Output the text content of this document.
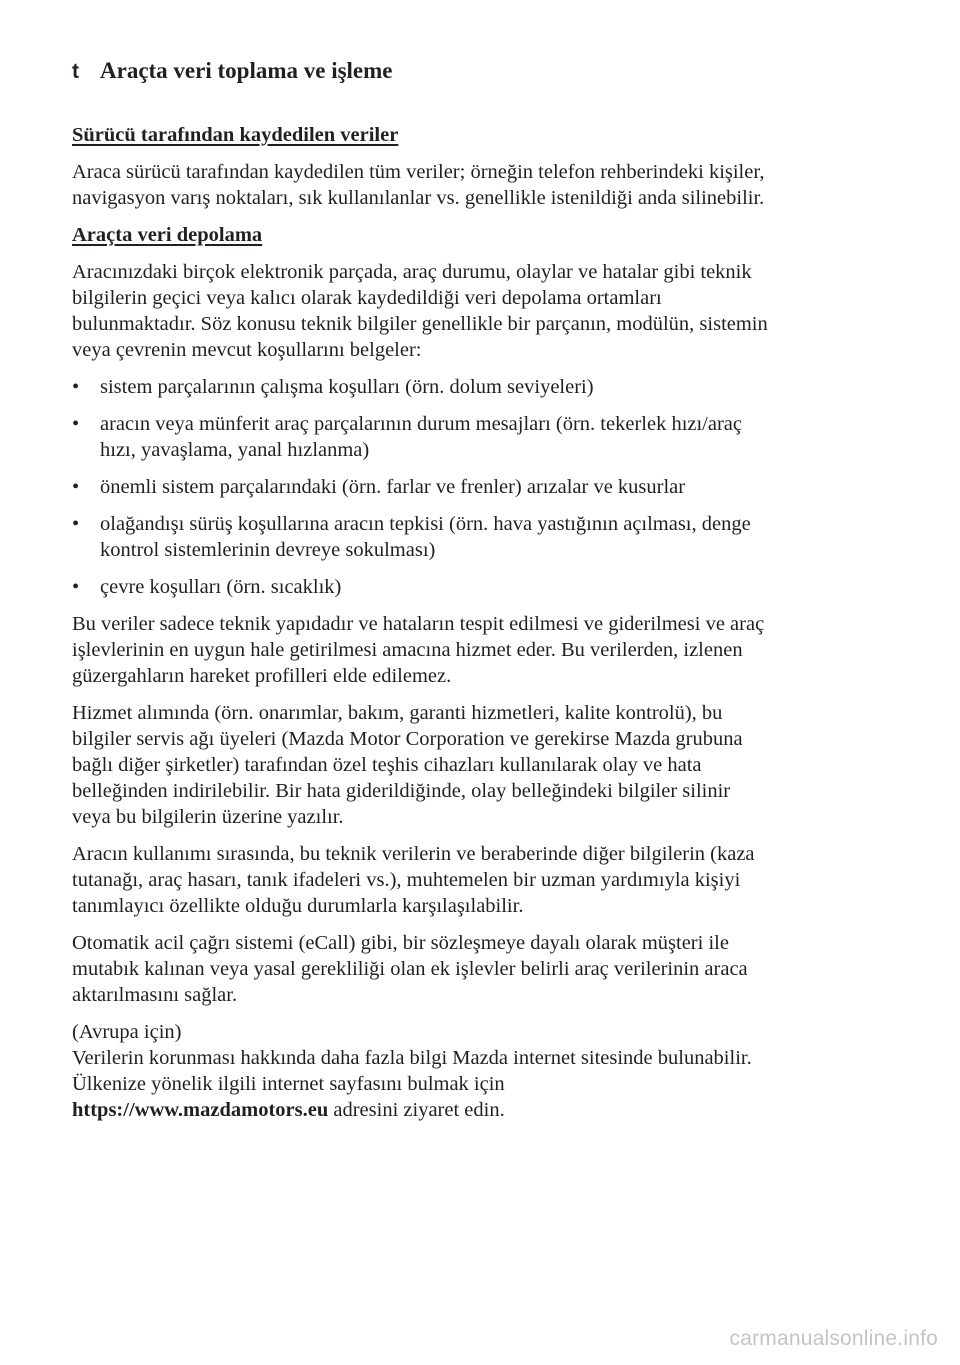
t Araçta veri toplama ve işleme
Sürücü tarafından kaydedilen veriler

Araca sürücü tarafından kaydedilen tüm veriler; örneğin telefon rehberindeki kişiler,
navigasyon varış noktaları, sık kullanılanlar vs. genellikle istenildiği anda silinebilir.

Araçta veri depolama

Aracınızdaki birçok elektronik parçada, araç durumu, olaylar ve hatalar gibi teknik
bilgilerin geçici veya kalıcı olarak kaydedildiği veri depolama ortamları
bulunmaktadır. Söz konusu teknik bilgiler genellikle bir parçanın, modülün, sistemin
veya çevrenin mevcut koşullarını belgeler:

• sistem parçalarının çalışma koşulları (örn. dolum seviyeleri)
• aracın veya münferit araç parçalarının durum mesajları (örn. tekerlek hızı/araç
hızı, yavaşlama, yanal hızlanma)
• önemli sistem parçalarındaki (örn. farlar ve frenler) arızalar ve kusurlar
• olağandışı sürüş koşullarına aracın tepkisi (örn. hava yastığının açılması, denge
kontrol sistemlerinin devreye sokulması)
• çevre koşulları (örn. sıcaklık)

Bu veriler sadece teknik yapıdadır ve hataların tespit edilmesi ve giderilmesi ve araç
işlevlerinin en uygun hale getirilmesi amacına hizmet eder. Bu verilerden, izlenen
güzergahların hareket profilleri elde edilemez.

Hizmet alımında (örn. onarımlar, bakım, garanti hizmetleri, kalite kontrolü), bu
bilgiler servis ağı üyeleri (Mazda Motor Corporation ve gerekirse Mazda grubuna
bağlı diğer şirketler) tarafından özel teşhis cihazları kullanılarak olay ve hata
belleğinden indirilebilir. Bir hata giderildiğinde, olay belleğindeki bilgiler silinir
veya bu bilgilerin üzerine yazılır.

Aracın kullanımı sırasında, bu teknik verilerin ve beraberinde diğer bilgilerin (kaza
tutanağı, araç hasarı, tanık ifadeleri vs.), muhtemelen bir uzman yardımıyla kişiyi
tanımlayıcı özellikte olduğu durumlarla karşılaşılabilir.

Otomatik acil çağrı sistemi (eCall) gibi, bir sözleşmeye dayalı olarak müşteri ile
mutabık kalınan veya yasal gerekliliği olan ek işlevler belirli araç verilerinin araca
aktarılmasını sağlar.

(Avrupa için)
Verilerin korunması hakkında daha fazla bilgi Mazda internet sitesinde bulunabilir.
Ülkenize yönelik ilgili internet sayfasını bulmak için
https://www.mazdamotors.eu adresini ziyaret edin.

carmanualsonline.info
